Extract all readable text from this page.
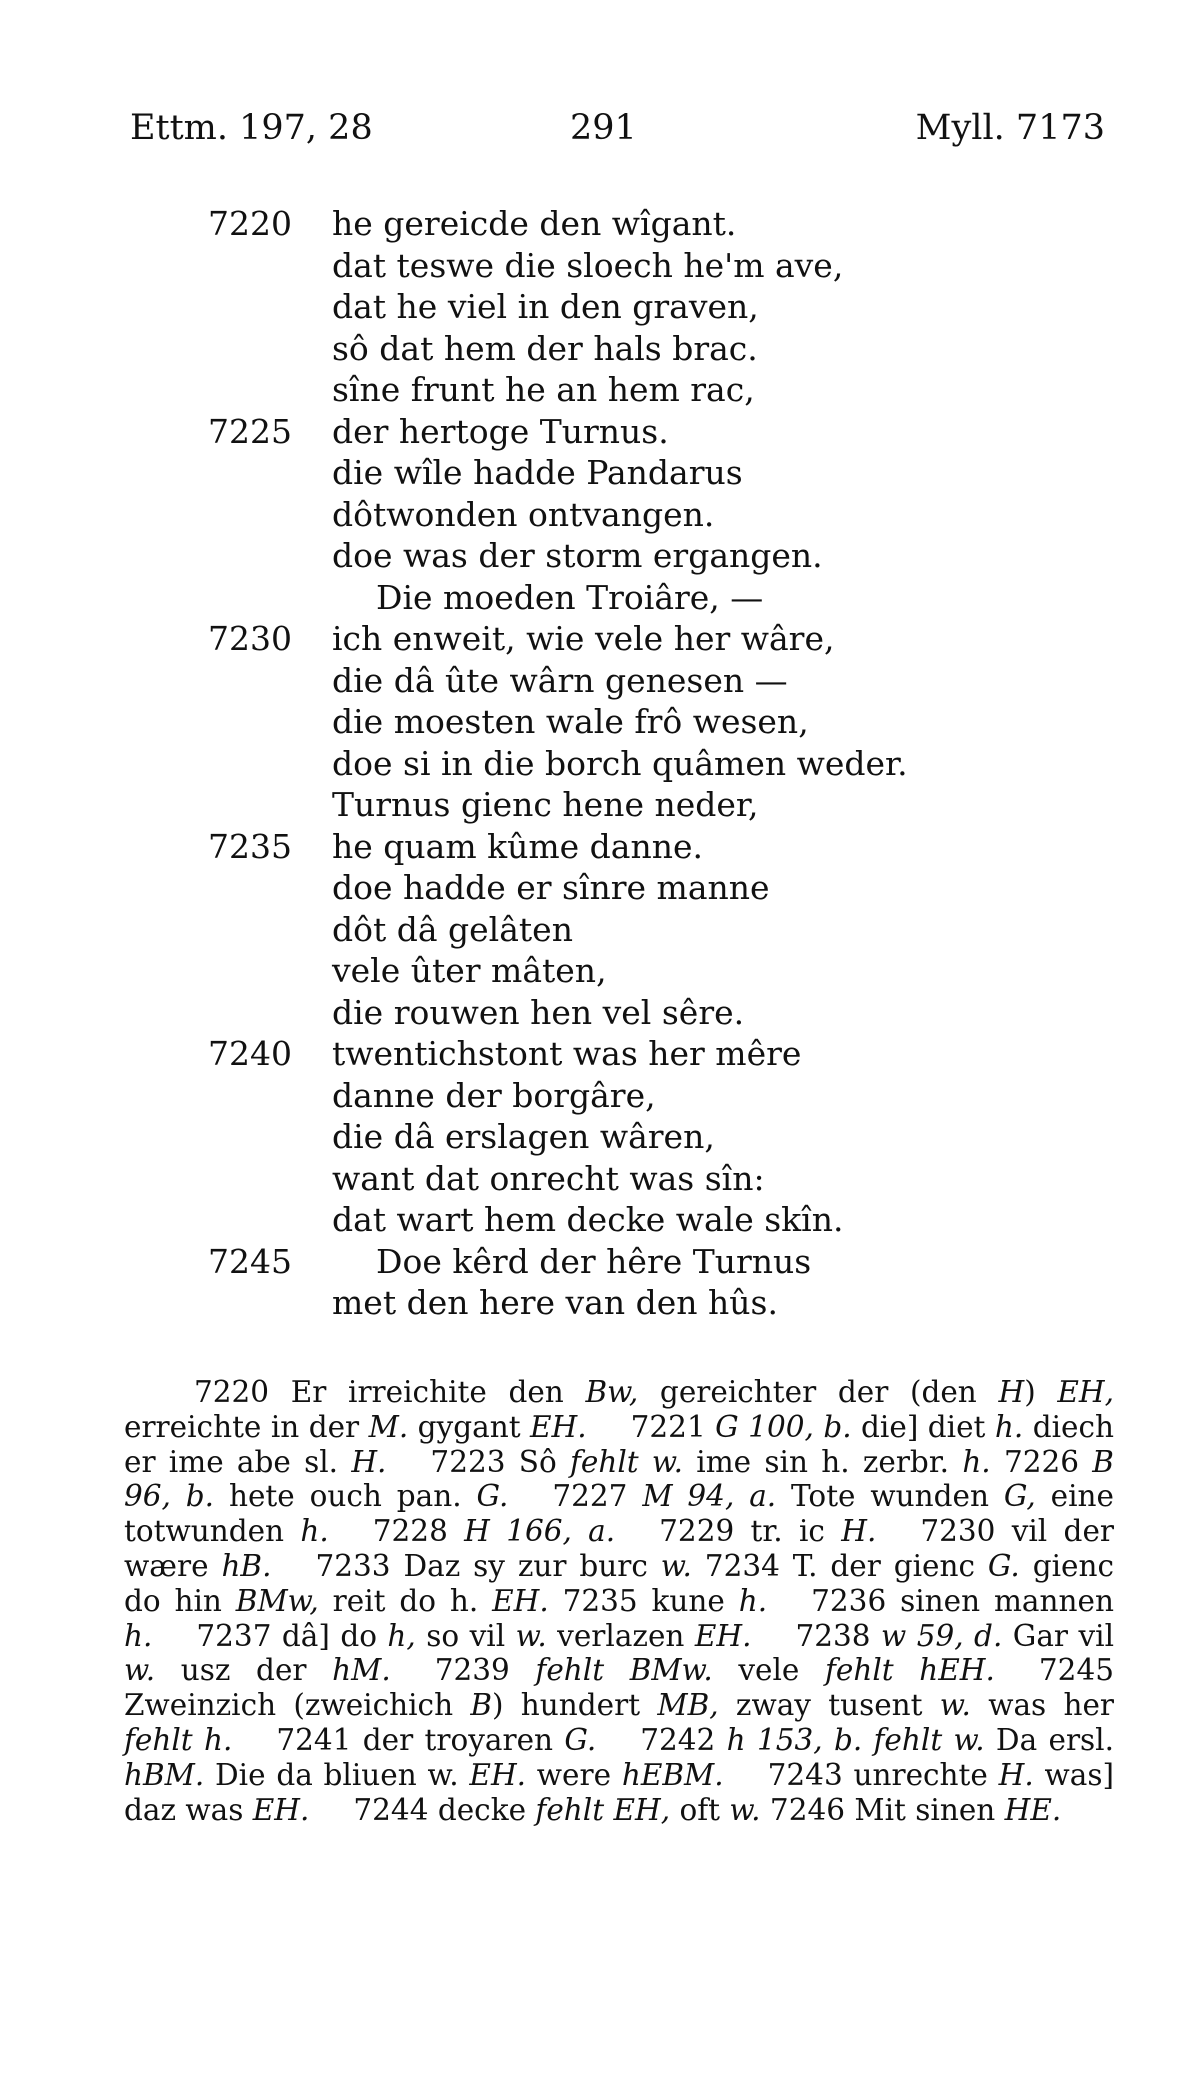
Ettm. 197, 28	291	Myll. 7173
7220 he gereicde den wîgant.
dat teswe die sloech he'm ave,
dat he viel in den graven,
sô dat hem der hals brac.
sîne frunt he an hem rac,
7225 der hertoge Turnus.
die wîle hadde Pandarus
dôtwonden ontvangen.
doe was der storm ergangen.
Die moeden Troiâre, —
7230 ich enweit, wie vele her wâre,
die dâ ûte wârn genesen —
die moesten wale frô wesen,
doe si in die borch quâmen weder.
Turnus gienc hene neder,
7235 he quam kûme danne.
doe hadde er sînre manne
dôt dâ gelâten
vele ûter mâten,
die rouwen hen vel sêre.
7240 twentichstont was her mêre
danne der borgâre,
die dâ erslagen wâren,
want dat onrecht was sîn:
dat wart hem decke wale skîn.
7245	Doe kêrd der hêre Turnus
met den here van den hûs.
7220 Er irreichite den Bw, gereichter der (den H) EH, erreichte in der M. gygant EH. 7221 G 100, b. die] diet h. diech er ime abe sl. H. 7223 Sô fehlt w. ime sin h. zerbr. h. 7226 B 96, b. hete ouch pan. G. 7227 M 94, a. Tote wunden G, eine totwunden h. 7228 H 166, a. 7229 tr. ic H. 7230 vil der wære hB. 7233 Daz sy zur burc w. 7234 T. der gienc G. gienc do hin BMw, reit do h. EH. 7235 kune h. 7236 sinen mannen h. 7237 dâ] do h, so vil w. verlazen EH. 7238 w 59, d. Gar vil w. usz der hM. 7239 fehlt BMw. vele fehlt hEH. 7245 Zweinzich (zweichich B) hundert MB, zway tusent w. was her fehlt h. 7241 der troyaren G. 7242 h 153, b. fehlt w. Da ersl. hBM. Die da bliuen w. EH. were hEBM. 7243 unrechte H. was] daz was EH. 7244 decke fehlt EH, oft w. 7246 Mit sinen HE.
